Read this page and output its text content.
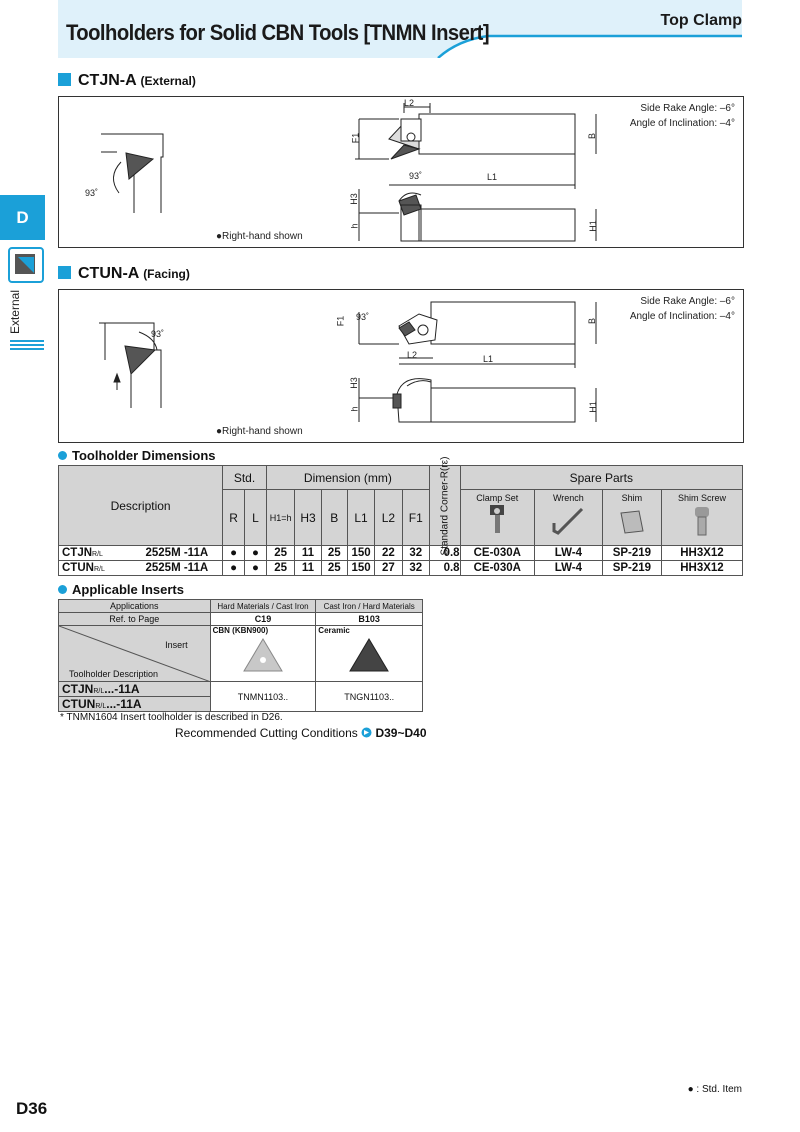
Toolholders for Solid CBN Tools [TNMN Insert]	Top Clamp
D
External
CTJN-A (External)
L2
F1	B
93˚	L1
H3
h	H1
93˚
Side Rake Angle: –6°
Angle of Inclination: –4°
●Right-hand shown
CTUN-A (Facing)
L2
F1	B
93˚
L1
H3
h	H1
93˚
Side Rake Angle: –6°
Angle of Inclination: –4°
●Right-hand shown
Toolholder Dimensions
Description	Std.		Dimension (mm)						Standard Corner-R(rε)	Spare Parts			

	R	L	H1=h	H3	B	L1	L2	F1		Clamp Set	Wrench	Shim	Shim Screw

CTJNR/L 2525M -11A	●	●	25	11	25	150	22	32	0.8	CE-030A	LW-4	SP-219	HH3X12
CTUNR/L 2525M -11A	●	●	25	11	25	150	27	32	0.8	CE-030A	LW-4	SP-219	HH3X12
Applicable Inserts
Applications	Hard Materials / Cast Iron	Cast Iron / Hard Materials
Ref. to Page	C19	B103

Insert
Toolholder Description	CBN (KBN900)	Ceramic

CTJNR/L...-11A	TNMN1103..	TNGN1103..
CTUNR/L...-11A		
* TNMN1604 Insert toolholder is described in D26.
Recommended Cutting Conditions D39~D40
● : Std. Item
D36
